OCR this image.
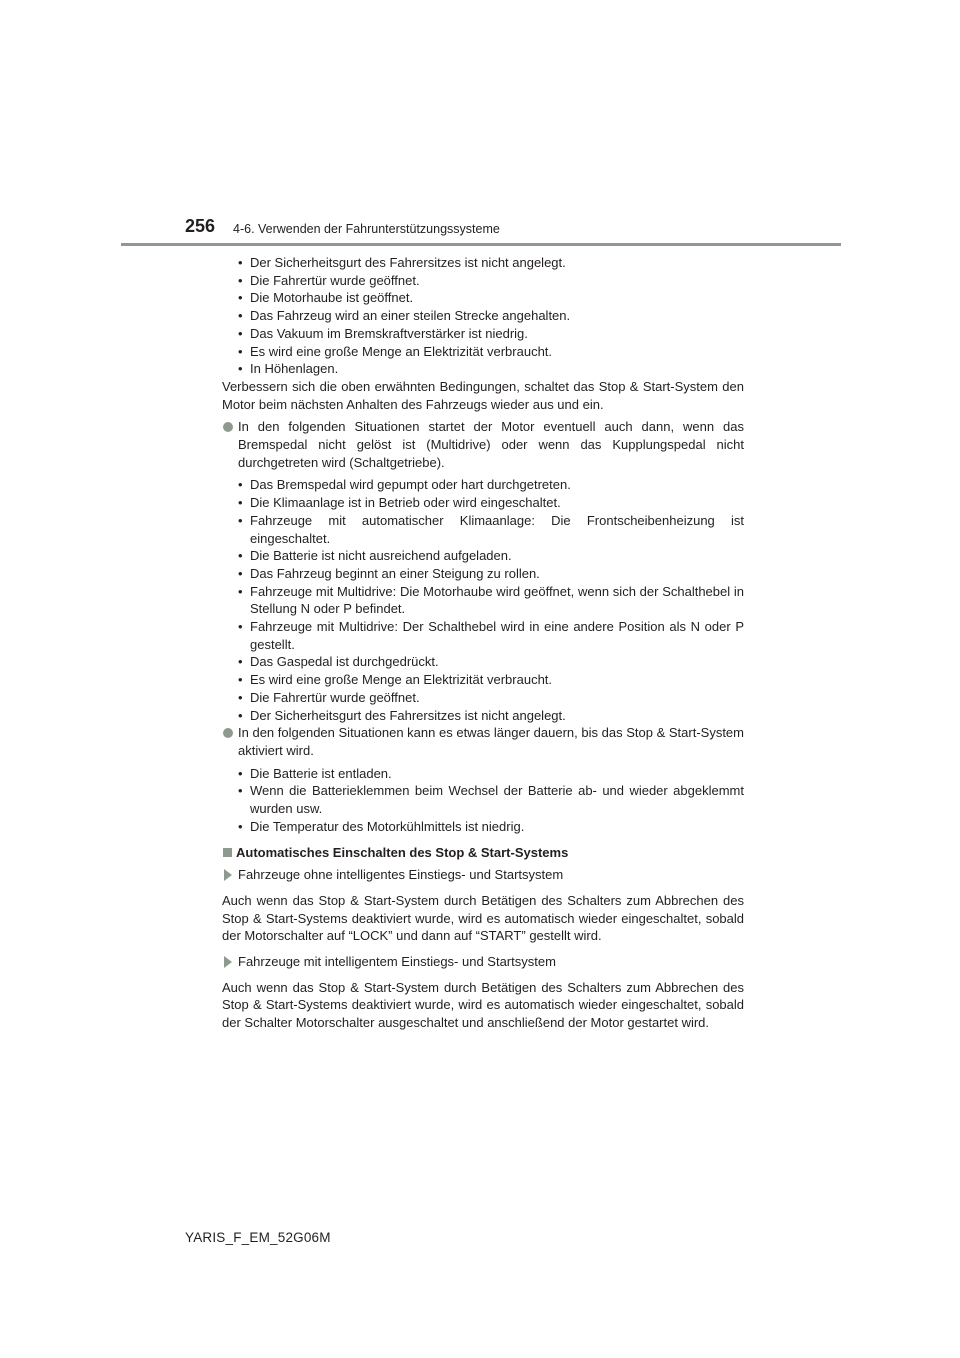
256 4-6. Verwenden der Fahrunterstützungssysteme
• Der Sicherheitsgurt des Fahrersitzes ist nicht angelegt.
• Die Fahrertür wurde geöffnet.
• Die Motorhaube ist geöffnet.
• Das Fahrzeug wird an einer steilen Strecke angehalten.
• Das Vakuum im Bremskraftverstärker ist niedrig.
• Es wird eine große Menge an Elektrizität verbraucht.
• In Höhenlagen.

Verbessern sich die oben erwähnten Bedingungen, schaltet das Stop & Start-System den Motor beim nächsten Anhalten des Fahrzeugs wieder aus und ein.

In den folgenden Situationen startet der Motor eventuell auch dann, wenn das Bremspedal nicht gelöst ist (Multidrive) oder wenn das Kupplungspedal nicht durchgetreten wird (Schaltgetriebe).
• Das Bremspedal wird gepumpt oder hart durchgetreten.
• Die Klimaanlage ist in Betrieb oder wird eingeschaltet.
• Fahrzeuge mit automatischer Klimaanlage: Die Frontscheibenheizung ist eingeschaltet.
• Die Batterie ist nicht ausreichend aufgeladen.
• Das Fahrzeug beginnt an einer Steigung zu rollen.
• Fahrzeuge mit Multidrive: Die Motorhaube wird geöffnet, wenn sich der Schalthebel in Stellung N oder P befindet.
• Fahrzeuge mit Multidrive: Der Schalthebel wird in eine andere Position als N oder P gestellt.
• Das Gaspedal ist durchgedrückt.
• Es wird eine große Menge an Elektrizität verbraucht.
• Die Fahrertür wurde geöffnet.
• Der Sicherheitsgurt des Fahrersitzes ist nicht angelegt.
In den folgenden Situationen kann es etwas länger dauern, bis das Stop & Start-System aktiviert wird.
• Die Batterie ist entladen.
• Wenn die Batterieklemmen beim Wechsel der Batterie ab- und wieder abgeklemmt wurden usw.
• Die Temperatur des Motorkühlmittels ist niedrig.
Automatisches Einschalten des Stop & Start-Systems
Fahrzeuge ohne intelligentes Einstiegs- und Startsystem

Auch wenn das Stop & Start-System durch Betätigen des Schalters zum Abbrechen des Stop & Start-Systems deaktiviert wurde, wird es automatisch wieder eingeschaltet, sobald der Motorschalter auf “LOCK” und dann auf “START” gestellt wird.

Fahrzeuge mit intelligentem Einstiegs- und Startsystem

Auch wenn das Stop & Start-System durch Betätigen des Schalters zum Abbrechen des Stop & Start-Systems deaktiviert wurde, wird es automatisch wieder eingeschaltet, sobald der Schalter Motorschalter ausgeschaltet und anschließend der Motor gestartet wird.

YARIS_F_EM_52G06M
